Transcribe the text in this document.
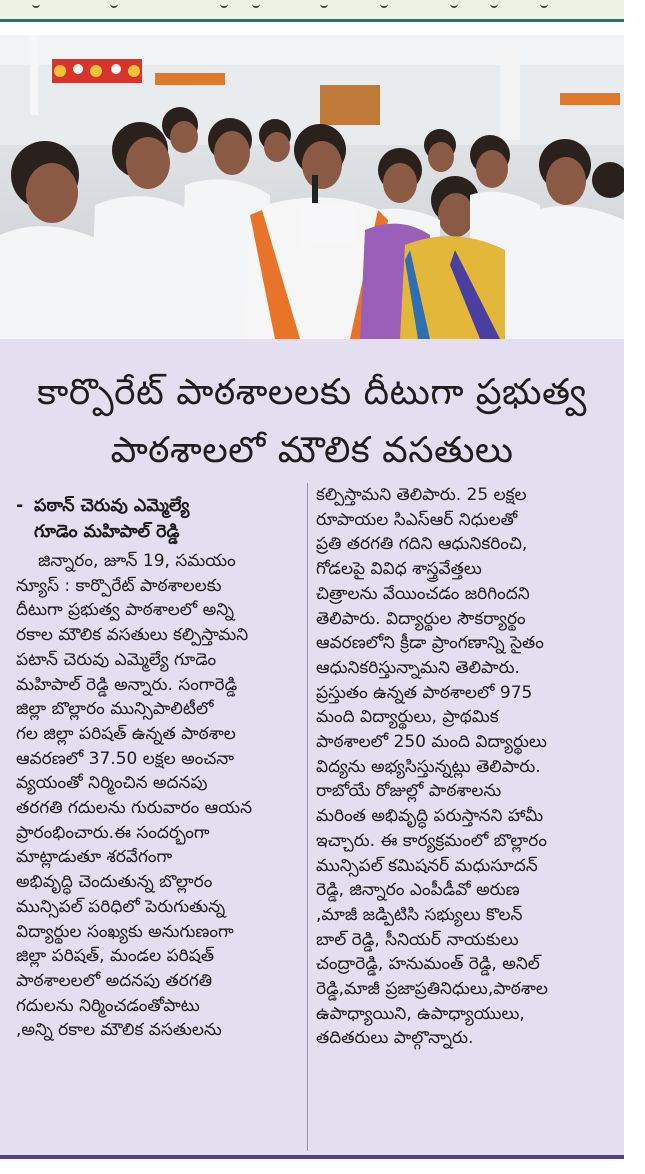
కార్పొరేట్ పాఠశాలలకు దీటుగా ప్రభుత్వ
పాఠశాలలో మౌలిక వసతులు
- పఠాన్ చెరువు ఎమ్మెల్యే
గూడెం మహిపాల్ రెడ్డి
జిన్నారం, జూన్ 19, సమయం
న్యూస్ : కార్పొరేట్ పాఠశాలలకు
దీటుగా ప్రభుత్వ పాఠశాలలో అన్ని
రకాల మౌలిక వసతులు కల్పిస్తామని
పటాన్ చెరువు ఎమ్మెల్యే గూడెం
మహిపాల్ రెడ్డి అన్నారు. సంగారెడ్డి
జిల్లా బొల్లారం మున్సిపాలిటీలో
గల జిల్లా పరిషత్ ఉన్నత పాఠశాల
ఆవరణలో 37.50 లక్షల అంచనా
వ్యయంతో నిర్మించిన అదనపు
తరగతి గదులను గురువారం ఆయన
ప్రారంభించారు.ఈ సందర్భంగా
మాట్లాడుతూ శరవేగంగా
అభివృద్ధి చెందుతున్న బొల్లారం
మున్సిపల్ పరిధిలో పెరుగుతున్న
విద్యార్థుల సంఖ్యకు అనుగుణంగా
జిల్లా పరిషత్, మండల పరిషత్
పాఠశాలలలో అదనపు తరగతి
గదులను నిర్మించడంతోపాటు
,అన్ని రకాల మౌలిక వసతులను
కల్పిస్తామని తెలిపారు. 25 లక్షల
రూపాయల సిఎస్ఆర్ నిధులతో
ప్రతి తరగతి గదిని ఆధునికరించి,
గోడలపై వివిధ శాస్త్రవేత్తలు
చిత్రాలను వేయించడం జరిగిందని
తెలిపారు. విద్యార్థుల సౌకర్యార్థం
ఆవరణలోని క్రీడా ప్రాంగణాన్ని సైతం
ఆధునికరిస్తున్నామని తెలిపారు.
ప్రస్తుతం ఉన్నత పాఠశాలలో 975
మంది విద్యార్థులు, ప్రాథమిక
పాఠశాలలో 250 మంది విద్యార్థులు
విద్యను అభ్యసిస్తున్నట్లు తెలిపారు.
రాబోయే రోజుల్లో పాఠశాలను
మరింత అభివృద్ధి పరుస్తానని హామీ
ఇచ్చారు. ఈ కార్యక్రమంలో బొల్లారం
మున్సిపల్ కమిషనర్ మధుసూదన్
రెడ్డి, జిన్నారం ఎంపీడీవో అరుణ
,మాజీ జడ్పిటిసి సభ్యులు కొలన్
బాల్ రెడ్డి, సీనియర్ నాయకులు
చంద్రారెడ్డి, హనుమంత్ రెడ్డి, అనిల్
రెడ్డి,మాజీ ప్రజాప్రతినిధులు,పాఠశాల
ఉపాధ్యాయిని, ఉపాధ్యాయులు,
తదితరులు పాల్గొన్నారు.
